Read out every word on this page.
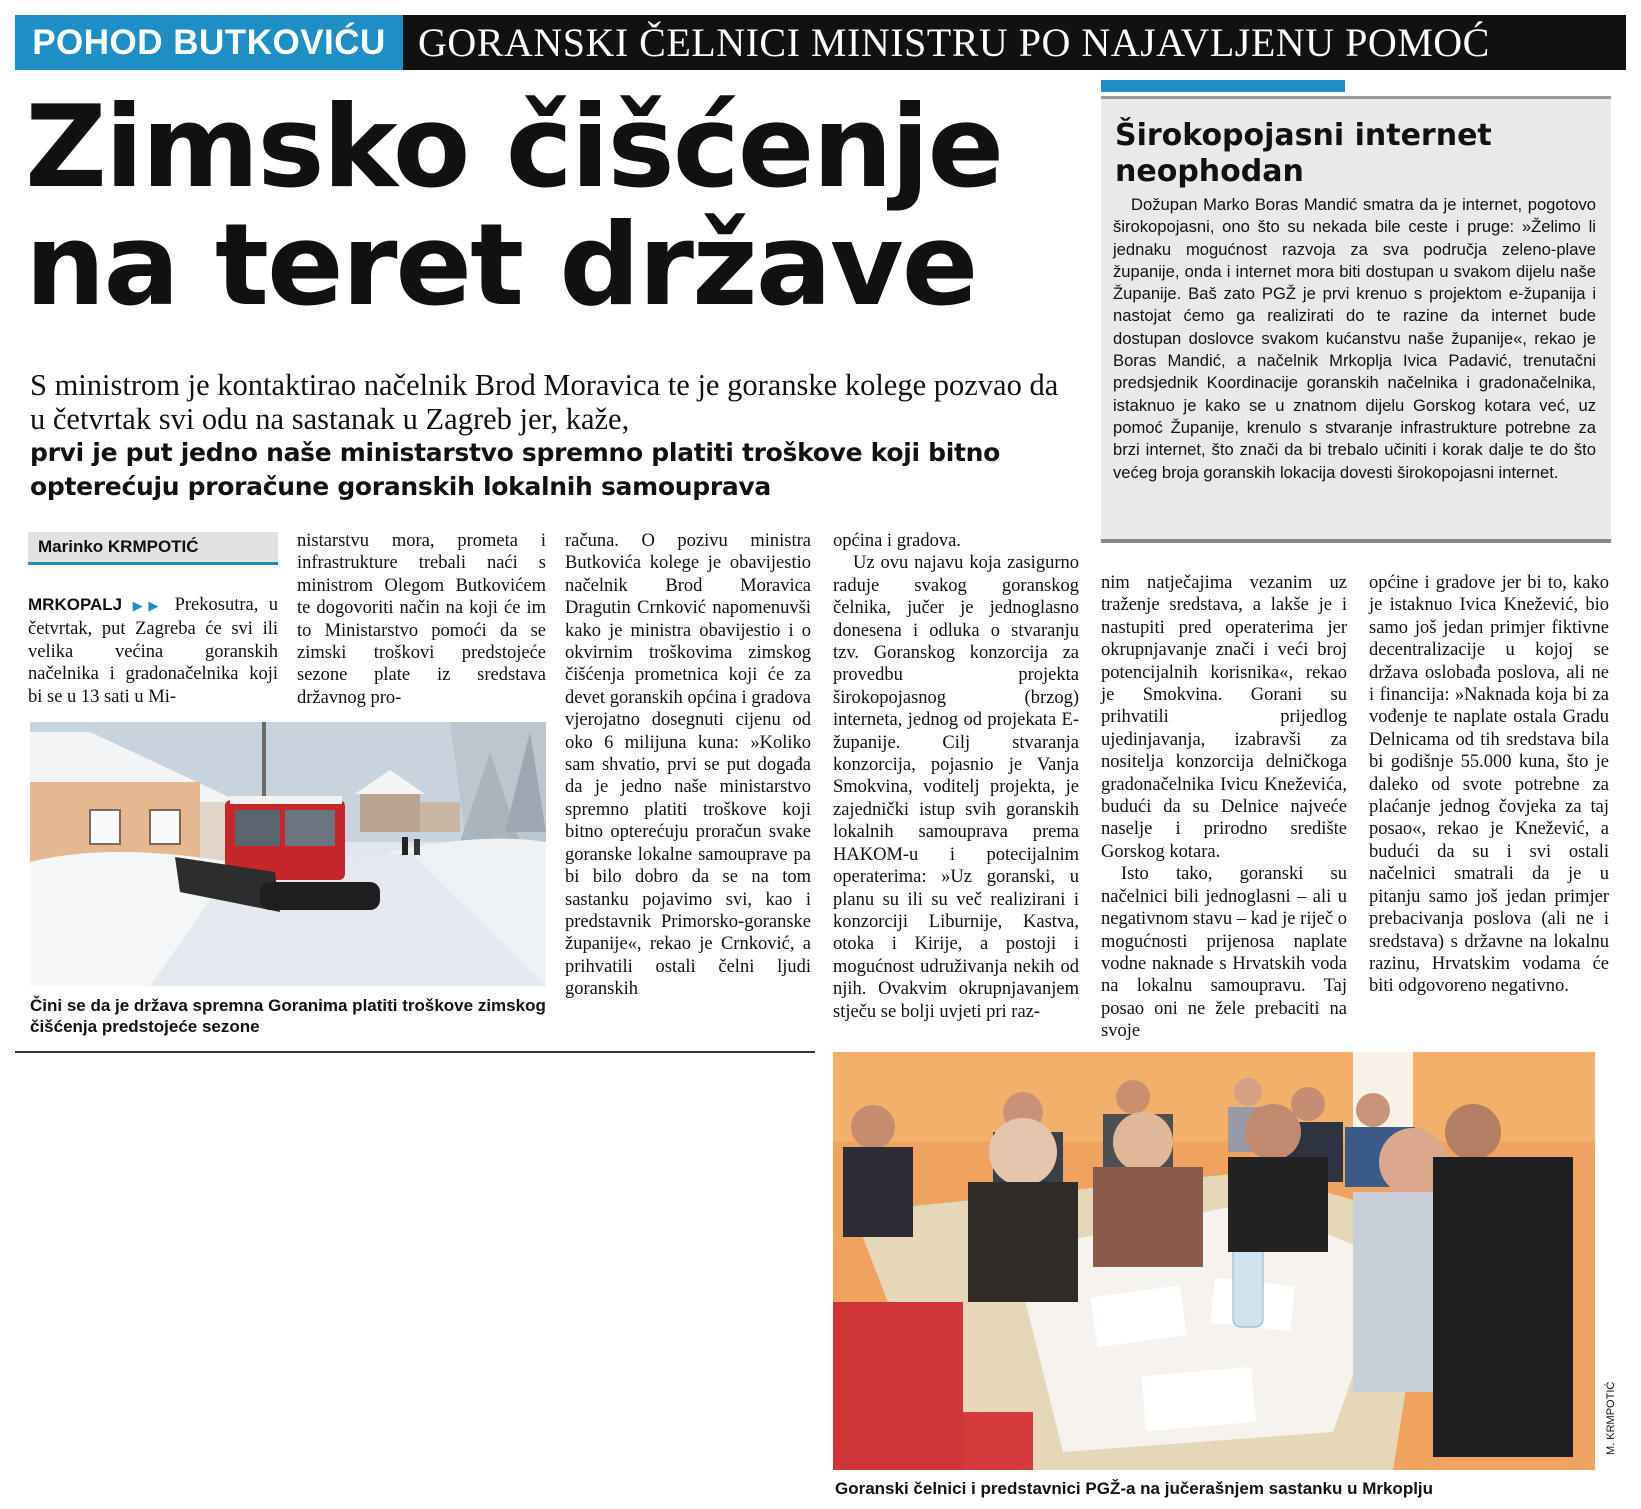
POHOD BUTKOVIĆU GORANSKI ČELNICI MINISTRU PO NAJAVLJENU POMOĆ
Zimsko čišćenje
na teret države
S ministrom je kontaktirao načelnik Brod Moravica te je goranske kolege pozvao da u četvrtak svi odu na sastanak u Zagreb jer, kaže,
prvi je put jedno naše ministarstvo spremno platiti troškove koji bitno opterećuju proračune goranskih lokalnih samouprava
Marinko KRMPOTIĆ

MRKOPALJ ▶▶ Prekosutra, u četvrtak, put Zagreba će svi ili velika većina goranskih načelnika i gradonačelnika koji bi se u 13 sati u Mi-

nistarstvu mora, prometa i infrastrukture trebali naći s ministrom Olegom Butkovićem te dogovoriti način na koji će im to Ministarstvo pomoći da se zimski troškovi predstojeće sezone plate iz sredstava državnog pro-

Čini se da je država spremna Goranima platiti troškove zimskog čišćenja predstojeće sezone

računa. O pozivu ministra Butkovića kolege je obavijestio načelnik Brod Moravica Dragutin Crnković napomenuvši kako je ministra obavijestio i o okvirnim troškovima zimskog čišćenja prometnica koji će za devet goranskih općina i gradova vjerojatno dosegnuti cijenu od oko 6 milijuna kuna: »Koliko sam shvatio, prvi se put događa da je jedno naše ministarstvo spremno platiti troškove koji bitno opterećuju proračun svake goranske lokalne samouprave pa bi bilo dobro da se na tom sastanku pojavimo svi, kao i predstavnik Primorsko-goranske županije«, rekao je Crnković, a prihvatili ostali čelni ljudi goranskih

općina i gradova.

Uz ovu najavu koja zasigurno raduje svakog goranskog čelnika, jučer je jednoglasno donesena i odluka o stvaranju tzv. Goranskog konzorcija za provedbu projekta širokopojasnog (brzog) interneta, jednog od projekata E-županije. Cilj stvaranja konzorcija, pojasnio je Vanja Smokvina, voditelj projekta, je zajednički istup svih goranskih lokalnih samouprava prema HAKOM-u i potecijalnim operaterima: »Uz goranski, u planu su ili su več realizirani i konzorciji Liburnije, Kastva, otoka i Kirije, a postoji i mogućnost udruživanja nekih od njih. Ovakvim okrupnjavanjem stječu se bolji uvjeti pri raz-

Širokopojasni internet neophodan
Dožupan Marko Boras Mandić smatra da je internet, pogotovo širokopojasni, ono što su nekada bile ceste i pruge: »Želimo li jednaku mogućnost razvoja za sva područja zeleno-plave županije, onda i internet mora biti dostupan u svakom dijelu naše Županije. Baš zato PGŽ je prvi krenuo s projektom e-županija i nastojat ćemo ga realizirati do te razine da internet bude dostupan doslovce svakom kućanstvu naše županije«, rekao je Boras Mandić, a načelnik Mrkoplja Ivica Padavić, trenutačni predsjednik Koordinacije goranskih načelnika i gradonačelnika, istaknuo je kako se u znatnom dijelu Gorskog kotara već, uz pomoć Županije, krenulo s stvaranje infrastrukture potrebne za brzi internet, što znači da bi trebalo učiniti i korak dalje te do što većeg broja goranskih lokacija dovesti širokopojasni internet.

nim natječajima vezanim uz traženje sredstava, a lakše je i nastupiti pred operaterima jer okrupnjavanje znači i veći broj potencijalnih korisnika«, rekao je Smokvina. Gorani su prihvatili prijedlog ujedinjavanja, izabravši za nositelja konzorcija delničkoga gradonačelnika Ivicu Kneževića, budući da su Delnice najveće naselje i prirodno središte Gorskog kotara.

Isto tako, goranski su načelnici bili jednoglasni – ali u negativnom stavu – kad je riječ o mogućnosti prijenosa naplate vodne naknade s Hrvatskih voda na lokalnu samoupravu. Taj posao oni ne žele prebaciti na svoje

općine i gradove jer bi to, kako je istaknuo Ivica Knežević, bio samo još jedan primjer fiktivne decentralizacije u kojoj se država oslobađa poslova, ali ne i financija: »Naknada koja bi za vođenje te naplate ostala Gradu Delnicama od tih sredstava bila bi godišnje 55.000 kuna, što je daleko od svote potrebne za plaćanje jednog čovjeka za taj posao«, rekao je Knežević, a budući da su i svi ostali načelnici smatrali da je u pitanju samo još jedan primjer prebacivanja poslova (ali ne i sredstava) s državne na lokalnu razinu, Hrvatskim vodama će biti odgovoreno negativno.

Goranski čelnici i predstavnici PGŽ-a na jučerašnjem sastanku u Mrkoplju
M. KRMPOTIĆ
